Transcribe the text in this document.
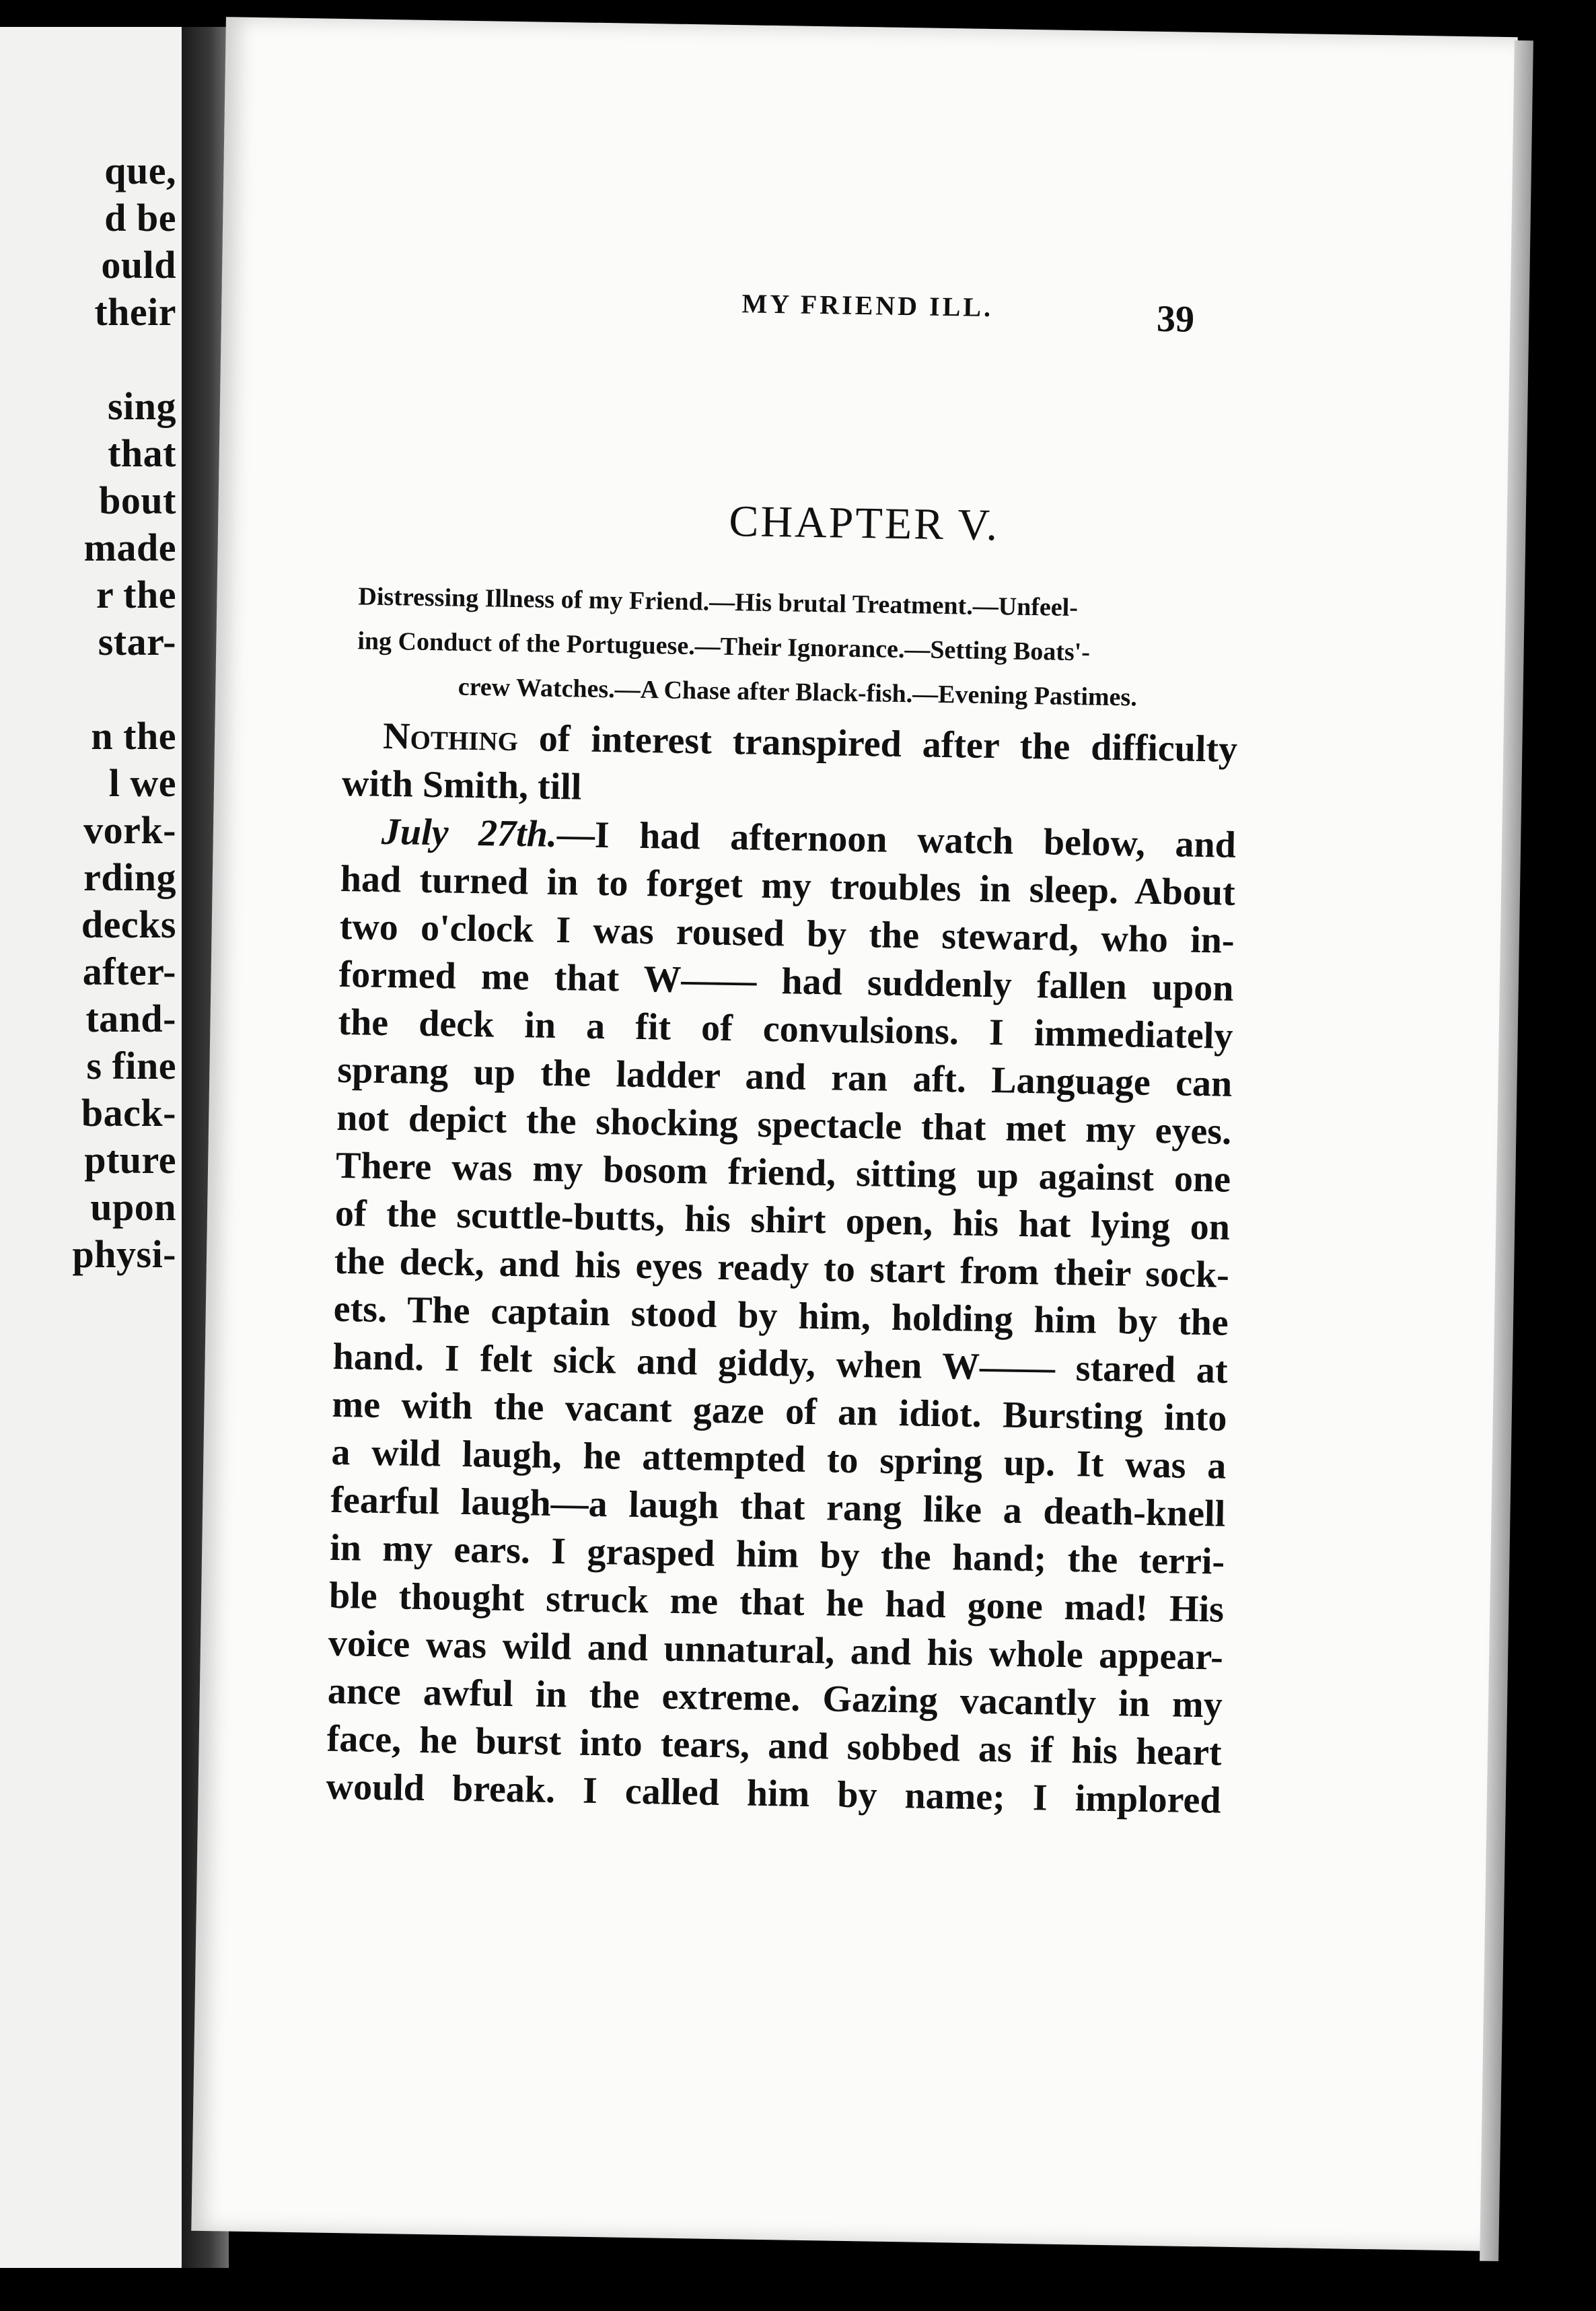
que,
d be
ould
their
sing
that
bout
made
r the
star-
n the
l we
vork-
rding
decks
after-
tand-
s fine
back-
pture
upon
physi-
MY FRIEND ILL.	39
CHAPTER V.
Distressing Illness of my Friend.—His brutal Treatment.—Unfeel-
ing Conduct of the Portuguese.—Their Ignorance.—Setting Boats'-
crew Watches.—A Chase after Black-fish.—Evening Pastimes.
Nothing of interest transpired after the difficulty
with Smith, till
July 27th.—I had afternoon watch below, and
had turned in to forget my troubles in sleep. About
two o'clock I was roused by the steward, who in-
formed me that W—— had suddenly fallen upon
the deck in a fit of convulsions. I immediately
sprang up the ladder and ran aft. Language can
not depict the shocking spectacle that met my eyes.
There was my bosom friend, sitting up against one
of the scuttle-butts, his shirt open, his hat lying on
the deck, and his eyes ready to start from their sock-
ets. The captain stood by him, holding him by the
hand. I felt sick and giddy, when W—— stared at
me with the vacant gaze of an idiot. Bursting into
a wild laugh, he attempted to spring up. It was a
fearful laugh—a laugh that rang like a death-knell
in my ears. I grasped him by the hand; the terri-
ble thought struck me that he had gone mad! His
voice was wild and unnatural, and his whole appear-
ance awful in the extreme. Gazing vacantly in my
face, he burst into tears, and sobbed as if his heart
would break. I called him by name; I implored
